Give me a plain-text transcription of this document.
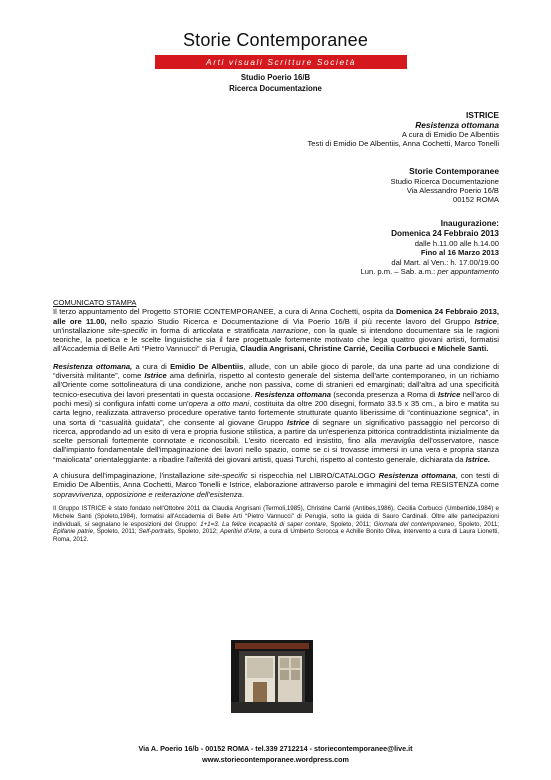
Storie Contemporanee
Arti visuali Scritture Società
Studio Poerio 16/B
Ricerca Documentazione
ISTRICE
Resistenza ottomana
A cura di Emidio De Albentiis
Testi di Emidio De Albentiis, Anna Cochetti, Marco Tonelli
Storie Contemporanee
Studio Ricerca Documentazione
Via Alessandro Poerio 16/B
00152 ROMA
Inaugurazione:
Domenica 24 Febbraio 2013
dalle h.11.00 alle h.14.00
Fino al 16 Marzo 2013
dal Mart. al Ven.: h. 17.00/19.00
Lun. p.m. – Sab. a.m.: per appuntamento

COMUNICATO STAMPA

Il terzo appuntamento del Progetto STORIE CONTEMPORANEE, a cura di Anna Cochetti, ospita da Domenica 24 Febbraio 2013, alle ore 11.00, nello spazio Studio Ricerca e Documentazione di Via Poerio 16/B il più recente lavoro del Gruppo Istrice, un'installazione site-specific in forma di articolata e stratificata narrazione, con la quale si intendono documentare sia le ragioni teoriche, la poetica e le scelte linguistiche sia il fare progettuale fortemente motivato che lega quattro giovani artisti, formatisi all'Accademia di Belle Arti “Pietro Vannucci” di Perugia, Claudia Angrisani, Christine Carrié, Cecilia Corbucci e Michele Santi.

Resistenza ottomana, a cura di Emidio De Albentiis, allude, con un abile gioco di parole, da una parte ad una condizione di “diversità militante”, come Istrice ama definirla, rispetto al contesto generale del sistema dell'arte contemporaneo, in un richiamo all'Oriente come sottolineatura di una condizione, anche non passiva, come di stranieri ed emarginati; dall'altra ad una specificità tecnico-esecutiva dei lavori presentati in questa occasione. Resistenza ottomana (seconda presenza a Roma di Istrice nell'arco di pochi mesi) si configura infatti come un'opera a otto mani, costituita da oltre 200 disegni, formato 33.5 x 35 cm., a biro e matita su carta legno, realizzata attraverso procedure operative tanto fortemente strutturate quanto liberissime di “continuazione segnica”, in una sorta di “casualità guidata”, che consente al giovane Gruppo Istrice di segnare un significativo passaggio nel percorso di ricerca, approdando ad un esito di vera e propria fusione stilistica, a partire da un'esperienza pittorica contraddistinta inizialmente da scelte personali fortemente connotate e riconoscibili. L'esito ricercato ed insistito, fino alla meraviglia dell'osservatore, nasce dall'impianto fondamentale dell'impaginazione dei lavori nello spazio, come se ci si trovasse immersi in una vera e propria stanza “maiolicata” orientaleggiante: a ribadire l'alterità dei giovani artisti, quasi Turchi, rispetto al contesto generale, dichiarata da Istrice.

A chiusura dell'impaginazione, l'installazione site-specific si rispecchia nel LIBRO/CATALOGO Resistenza ottomana, con testi di Emidio De Albentiis, Anna Cochetti, Marco Tonelli e Istrice, elaborazione attraverso parole e immagini del tema RESISTENZA come sopravvivenza, opposizione e reiterazione dell'esistenza.

Il Gruppo ISTRICE è stato fondato nell'Ottobre 2011 da Claudia Angrisani (Termoli,1985), Christine Carrié (Antibes,1986), Cecilia Corbucci (Umbertide,1984) e Michele Santi (Spoleto,1984), formatisi all'Accademia di Belle Arti “Pietro Vannucci” di Perugia, sotto la guida di Sauro Cardinali. Oltre alle partecipazioni individuali, si segnalano le esposizioni del Gruppo: 1+1=3. La felice incapacità di saper contare, Spoleto, 2011; Giornata del contemporaneo, Spoleto, 2011; Epifanie patrie, Spoleto, 2011; Self-portraits, Spoleto, 2012; Aperitivi d'Arte, a cura di Umberto Scrocca e Achille Bonito Oliva, intervento a cura di Laura Lionetti, Roma, 2012.

Via A. Poerio 16/b - 00152 ROMA - tel.339 2712214 - storiecontemporanee@live.it
www.storiecontemporanee.wordpress.com
